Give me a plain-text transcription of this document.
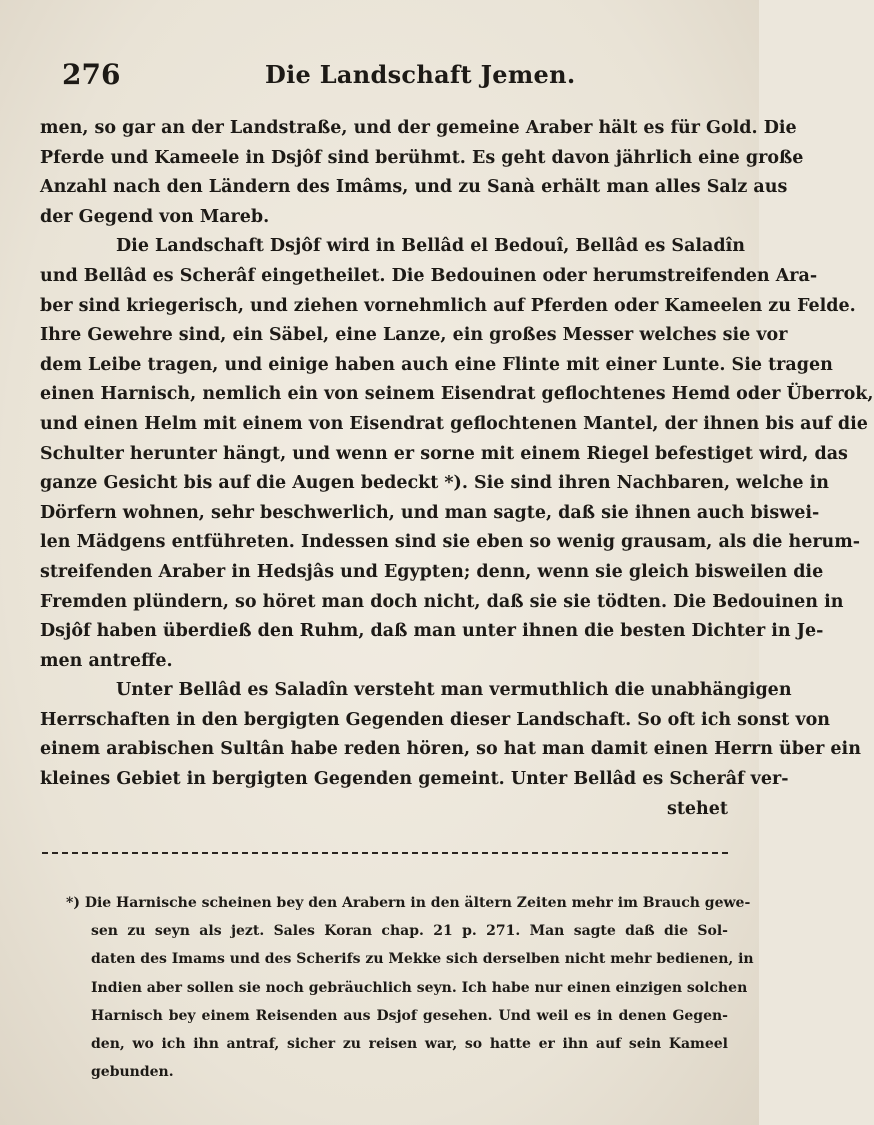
276	Die Landschaft Jemen.
men, so gar an der Landstraße, und der gemeine Araber hält es für Gold. Die
Pferde und Kameele in Dsjôf sind berühmt. Es geht davon jährlich eine große
Anzahl nach den Ländern des Imâms, und zu Sanà erhält man alles Salz aus
der Gegend von Mareb.
Die Landschaft Dsjôf wird in Bellâd el Bedouî, Bellâd es Saladîn
und Bellâd es Scherâf eingetheilet. Die Bedouinen oder herumstreifenden Ara-
ber sind kriegerisch, und ziehen vornehmlich auf Pferden oder Kameelen zu Felde.
Ihre Gewehre sind, ein Säbel, eine Lanze, ein großes Messer welches sie vor
dem Leibe tragen, und einige haben auch eine Flinte mit einer Lunte. Sie tragen
einen Harnisch, nemlich ein von seinem Eisendrat geflochtenes Hemd oder Überrok,
und einen Helm mit einem von Eisendrat geflochtenen Mantel, der ihnen bis auf die
Schulter herunter hängt, und wenn er sorne mit einem Riegel befestiget wird, das
ganze Gesicht bis auf die Augen bedeckt *). Sie sind ihren Nachbaren, welche in
Dörfern wohnen, sehr beschwerlich, und man sagte, daß sie ihnen auch biswei-
len Mädgens entführeten. Indessen sind sie eben so wenig grausam, als die herum-
streifenden Araber in Hedsjâs und Egypten; denn, wenn sie gleich bisweilen die
Fremden plündern, so höret man doch nicht, daß sie sie tödten. Die Bedouinen in
Dsjôf haben überdieß den Ruhm, daß man unter ihnen die besten Dichter in Je-
men antreffe.
Unter Bellâd es Saladîn versteht man vermuthlich die unabhängigen
Herrschaften in den bergigten Gegenden dieser Landschaft. So oft ich sonst von
einem arabischen Sultân habe reden hören, so hat man damit einen Herrn über ein
kleines Gebiet in bergigten Gegenden gemeint. Unter Bellâd es Scherâf ver-
stehet
*) Die Harnische scheinen bey den Arabern in den ältern Zeiten mehr im Brauch gewe-
sen zu seyn als jezt. Sales Koran chap. 21 p. 271. Man sagte daß die Sol-
daten des Imams und des Scherifs zu Mekke sich derselben nicht mehr bedienen, in
Indien aber sollen sie noch gebräuchlich seyn. Ich habe nur einen einzigen solchen
Harnisch bey einem Reisenden aus Dsjof gesehen. Und weil es in denen Gegen-
den, wo ich ihn antraf, sicher zu reisen war, so hatte er ihn auf sein Kameel
gebunden.
